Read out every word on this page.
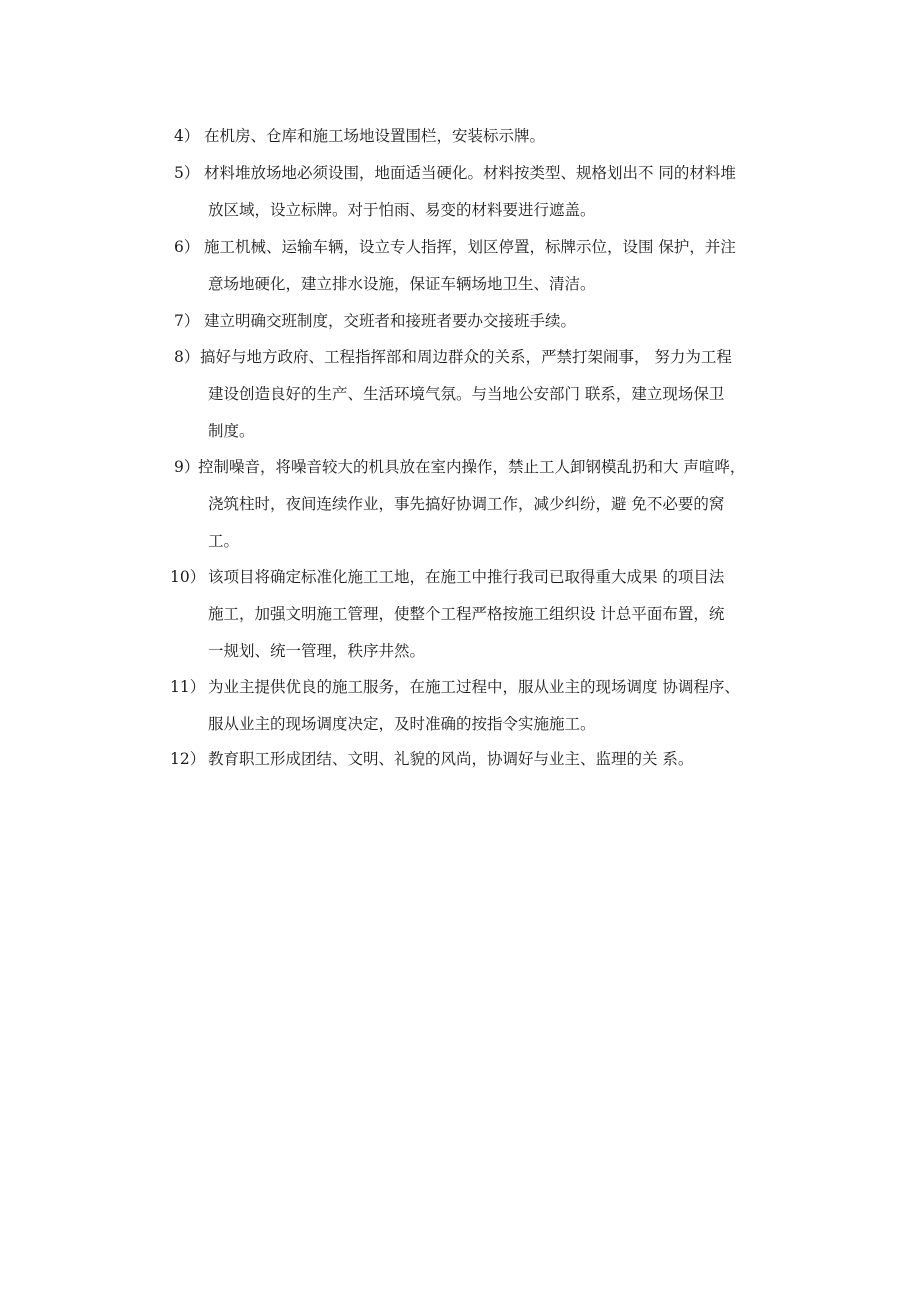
4） 在机房、仓库和施工场地设置围栏，安装标示牌。
5） 材料堆放场地必须设围，地面适当硬化。材料按类型、规格划出不 同的材料堆
放区域，设立标牌。对于怕雨、易变的材料要进行遮盖。
6） 施工机械、运输车辆，设立专人指挥，划区停置，标牌示位，设围 保护，并注
意场地硬化，建立排水设施，保证车辆场地卫生、清洁。
7） 建立明确交班制度，交班者和接班者要办交接班手续。
8） 搞好与地方政府、工程指挥部和周边群众的关系，严禁打架闹事， 努力为工程
建设创造良好的生产、生活环境气氛。与当地公安部门 联系，建立现场保卫
制度。
9）
控制噪音，将噪音较大的机具放在室内操作，禁止工人卸钢模乱扔和大 声喧哗，
浇筑柱时，夜间连续作业，事先搞好协调工作，减少纠纷，避 免不必要的窝
工。
10） 该项目将确定标准化施工工地，在施工中推行我司已取得重大成果 的项目法
施工，加强文明施工管理，使整个工程严格按施工组织设 计总平面布置，统
一规划、统一管理，秩序井然。
11） 为业主提供优良的施工服务，在施工过程中，服从业主的现场调度 协调程序、
服从业主的现场调度决定，及时准确的按指令实施施工。
12） 教育职工形成团结、文明、礼貌的风尚，协调好与业主、监理的关 系。
